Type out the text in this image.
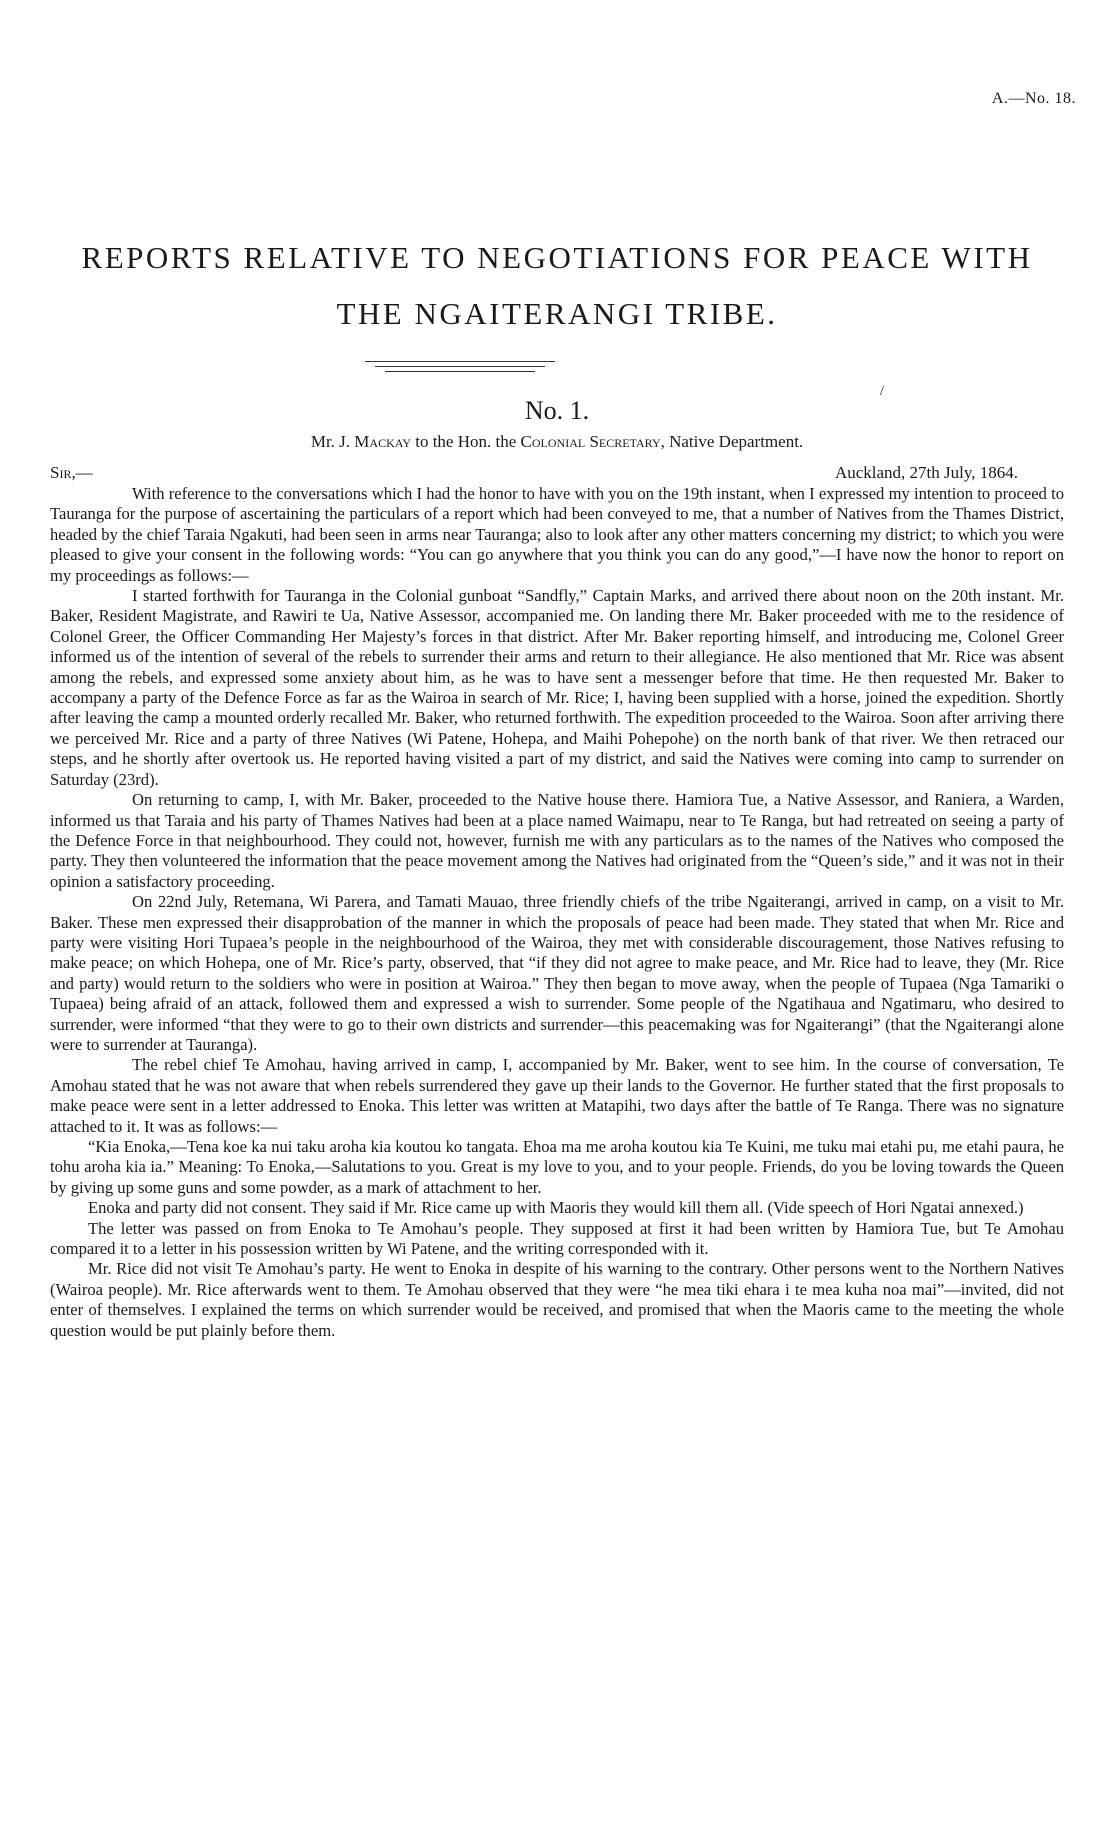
A.—No. 18.
REPORTS RELATIVE TO NEGOTIATIONS FOR PEACE WITH
THE NGAITERANGI TRIBE.
/
No. 1.
Mr. J. Mackay to the Hon. the Colonial Secretary, Native Department.
Sir,—	Auckland, 27th July, 1864.

With reference to the conversations which I had the honor to have with you on the 19th instant, when I expressed my intention to proceed to Tauranga for the purpose of ascertaining the particulars of a report which had been conveyed to me, that a number of Natives from the Thames District, headed by the chief Taraia Ngakuti, had been seen in arms near Tauranga; also to look after any other matters concerning my district; to which you were pleased to give your consent in the following words: “You can go anywhere that you think you can do any good,”—I have now the honor to report on my proceedings as follows:—

I started forthwith for Tauranga in the Colonial gunboat “Sandfly,” Captain Marks, and arrived there about noon on the 20th instant. Mr. Baker, Resident Magistrate, and Rawiri te Ua, Native Assessor, accompanied me. On landing there Mr. Baker proceeded with me to the residence of Colonel Greer, the Officer Commanding Her Majesty’s forces in that district. After Mr. Baker reporting himself, and introducing me, Colonel Greer informed us of the intention of several of the rebels to surrender their arms and return to their allegiance. He also mentioned that Mr. Rice was absent among the rebels, and expressed some anxiety about him, as he was to have sent a messenger before that time. He then requested Mr. Baker to accompany a party of the Defence Force as far as the Wairoa in search of Mr. Rice; I, having been supplied with a horse, joined the expedition. Shortly after leaving the camp a mounted orderly recalled Mr. Baker, who returned forthwith. The expedition proceeded to the Wairoa. Soon after arriving there we perceived Mr. Rice and a party of three Natives (Wi Patene, Hohepa, and Maihi Pohepohe) on the north bank of that river. We then retraced our steps, and he shortly after overtook us. He reported having visited a part of my district, and said the Natives were coming into camp to surrender on Saturday (23rd).

On returning to camp, I, with Mr. Baker, proceeded to the Native house there. Hamiora Tue, a Native Assessor, and Raniera, a Warden, informed us that Taraia and his party of Thames Natives had been at a place named Waimapu, near to Te Ranga, but had retreated on seeing a party of the Defence Force in that neighbourhood. They could not, however, furnish me with any particulars as to the names of the Natives who composed the party. They then volunteered the information that the peace movement among the Natives had originated from the “Queen’s side,” and it was not in their opinion a satisfactory proceeding.

On 22nd July, Retemana, Wi Parera, and Tamati Mauao, three friendly chiefs of the tribe Ngaiterangi, arrived in camp, on a visit to Mr. Baker. These men expressed their disapprobation of the manner in which the proposals of peace had been made. They stated that when Mr. Rice and party were visiting Hori Tupaea’s people in the neighbourhood of the Wairoa, they met with considerable discouragement, those Natives refusing to make peace; on which Hohepa, one of Mr. Rice’s party, observed, that “if they did not agree to make peace, and Mr. Rice had to leave, they (Mr. Rice and party) would return to the soldiers who were in position at Wairoa.” They then began to move away, when the people of Tupaea (Nga Tamariki o Tupaea) being afraid of an attack, followed them and expressed a wish to surrender. Some people of the Ngatihaua and Ngatimaru, who desired to surrender, were informed “that they were to go to their own districts and surrender—this peacemaking was for Ngaiterangi” (that the Ngaiterangi alone were to surrender at Tauranga).

The rebel chief Te Amohau, having arrived in camp, I, accompanied by Mr. Baker, went to see him. In the course of conversation, Te Amohau stated that he was not aware that when rebels surrendered they gave up their lands to the Governor. He further stated that the first proposals to make peace were sent in a letter addressed to Enoka. This letter was written at Matapihi, two days after the battle of Te Ranga. There was no signature attached to it. It was as follows:—

“Kia Enoka,—Tena koe ka nui taku aroha kia koutou ko tangata. Ehoa ma me aroha koutou kia Te Kuini, me tuku mai etahi pu, me etahi paura, he tohu aroha kia ia.” Meaning: To Enoka,—Salutations to you. Great is my love to you, and to your people. Friends, do you be loving towards the Queen by giving up some guns and some powder, as a mark of attachment to her.

Enoka and party did not consent. They said if Mr. Rice came up with Maoris they would kill them all. (Vide speech of Hori Ngatai annexed.)

The letter was passed on from Enoka to Te Amohau’s people. They supposed at first it had been written by Hamiora Tue, but Te Amohau compared it to a letter in his possession written by Wi Patene, and the writing corresponded with it.

Mr. Rice did not visit Te Amohau’s party. He went to Enoka in despite of his warning to the contrary. Other persons went to the Northern Natives (Wairoa people). Mr. Rice afterwards went to them. Te Amohau observed that they were “he mea tiki ehara i te mea kuha noa mai”—invited, did not enter of themselves. I explained the terms on which surrender would be received, and promised that when the Maoris came to the meeting the whole question would be put plainly before them.
